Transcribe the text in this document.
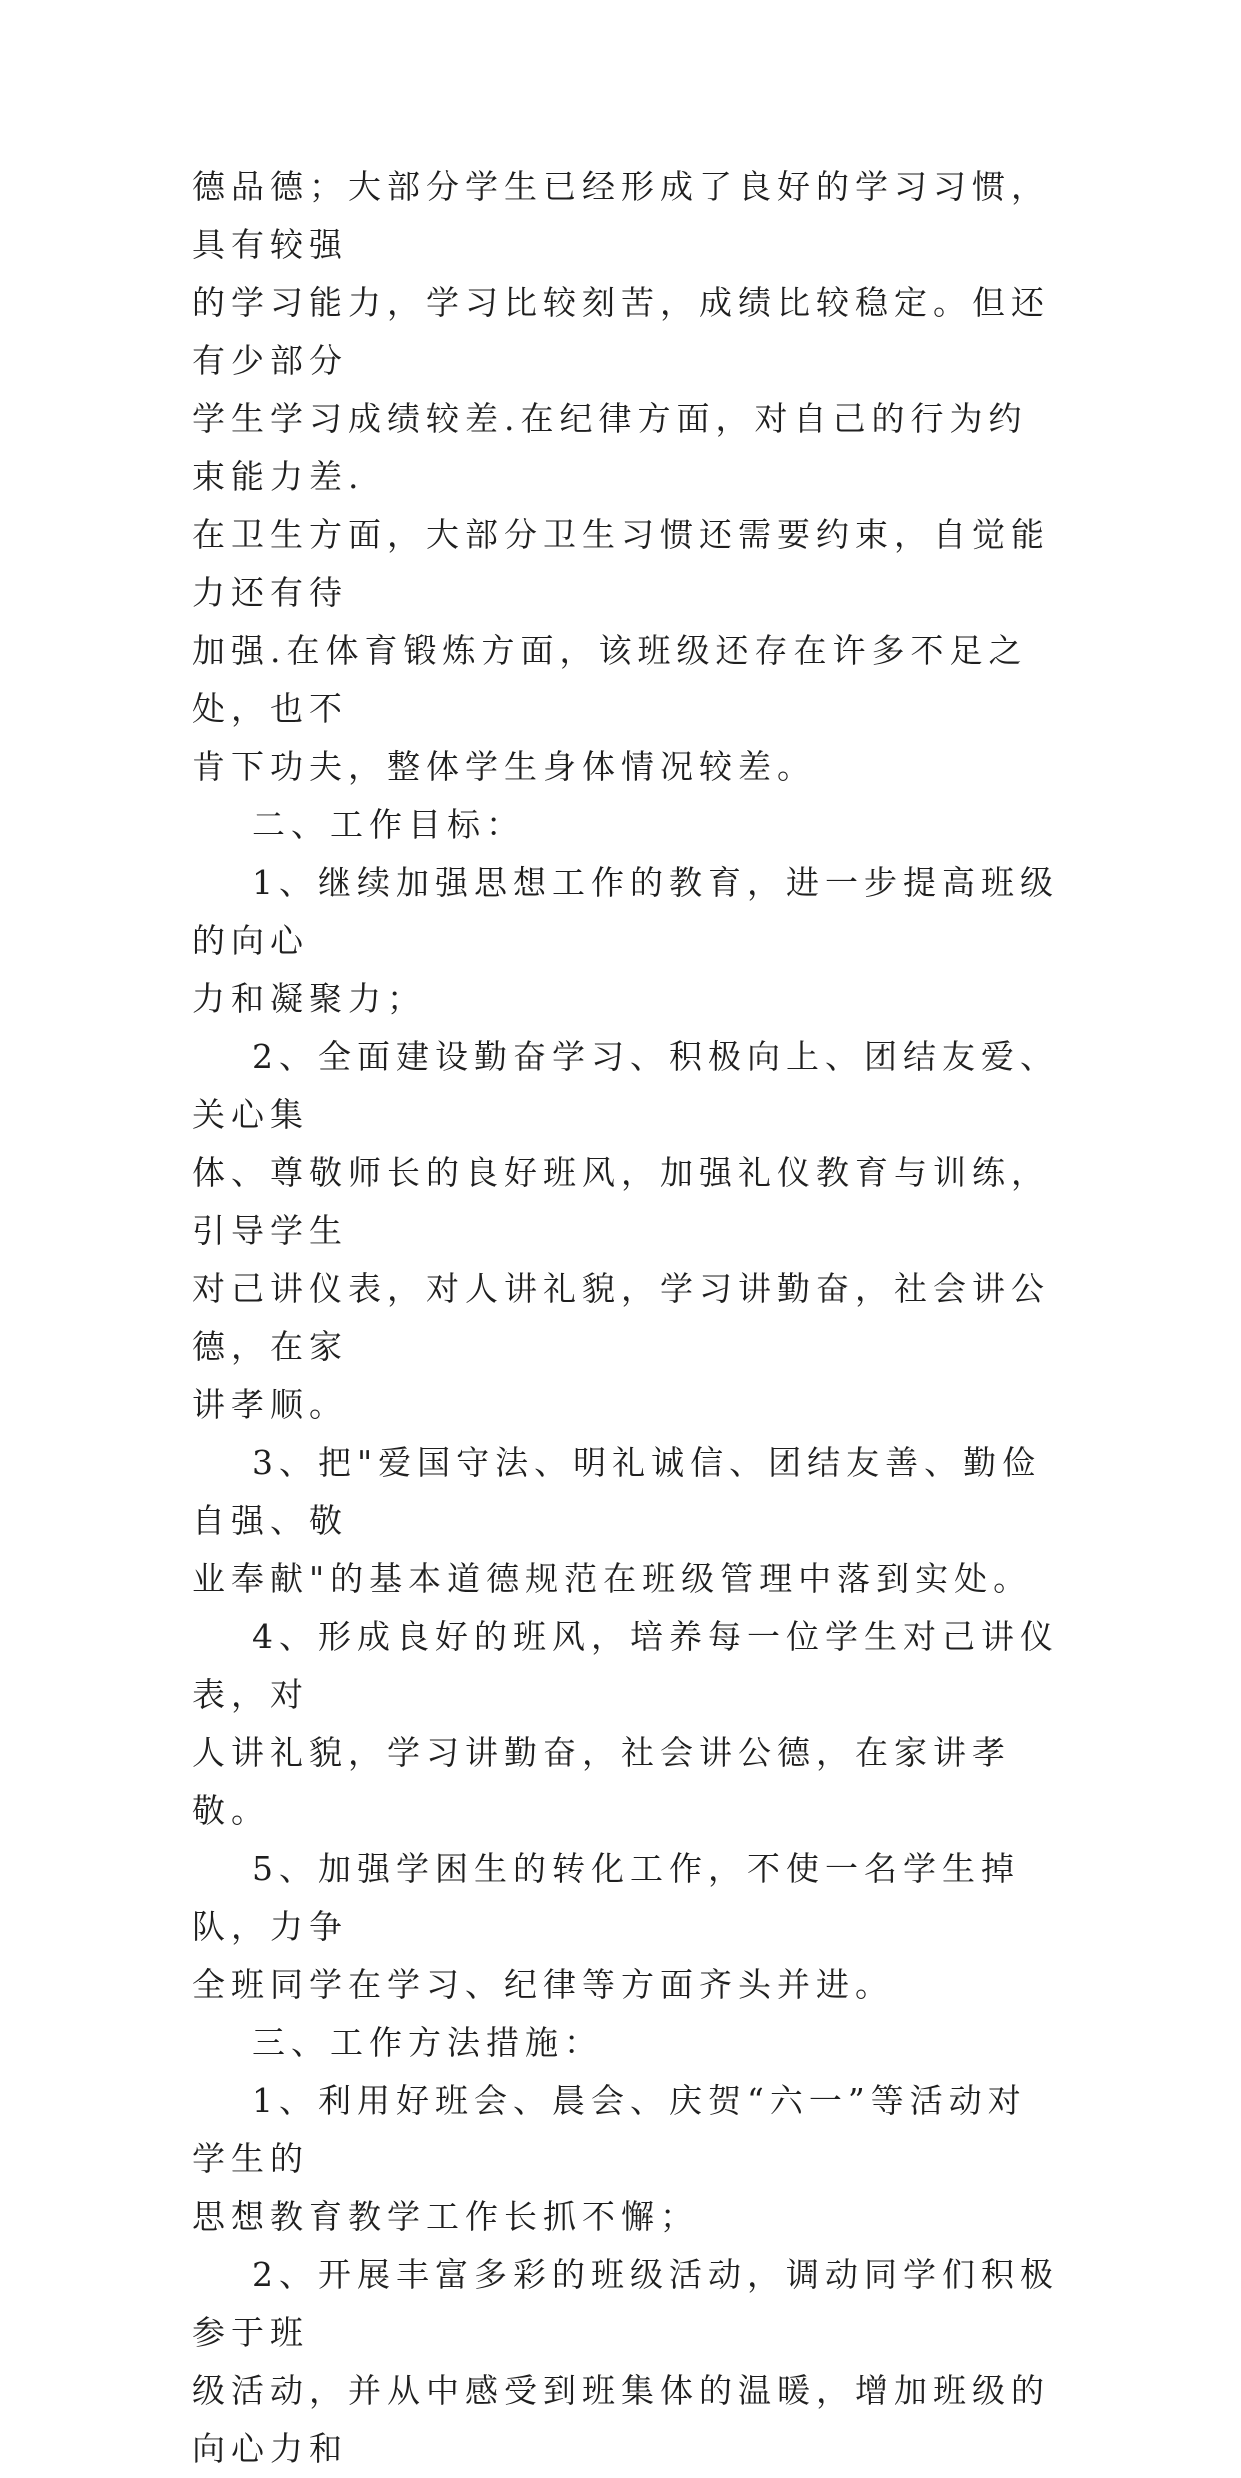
德品德；大部分学生已经形成了良好的学习习惯，具有较强
的学习能力，学习比较刻苦，成绩比较稳定。但还有少部分
学生学习成绩较差.在纪律方面，对自己的行为约束能力差.
在卫生方面，大部分卫生习惯还需要约束，自觉能力还有待
加强.在体育锻炼方面，该班级还存在许多不足之处，也不
肯下功夫，整体学生身体情况较差。

二、工作目标：

1、继续加强思想工作的教育，进一步提高班级的向心
力和凝聚力；

2、全面建设勤奋学习、积极向上、团结友爱、关心集
体、尊敬师长的良好班风，加强礼仪教育与训练，引导学生
对己讲仪表，对人讲礼貌，学习讲勤奋，社会讲公德，在家
讲孝顺。

3、把"爱国守法、明礼诚信、团结友善、勤俭自强、敬
业奉献"的基本道德规范在班级管理中落到实处。

4、形成良好的班风，培养每一位学生对己讲仪表，对
人讲礼貌，学习讲勤奋，社会讲公德，在家讲孝敬。

5、加强学困生的转化工作，不使一名学生掉队，力争
全班同学在学习、纪律等方面齐头并进。

三、工作方法措施：

1、利用好班会、晨会、庆贺“六一”等活动对学生的
思想教育教学工作长抓不懈；

2、开展丰富多彩的班级活动，调动同学们积极参于班
级活动，并从中感受到班集体的温暖，增加班级的向心力和
